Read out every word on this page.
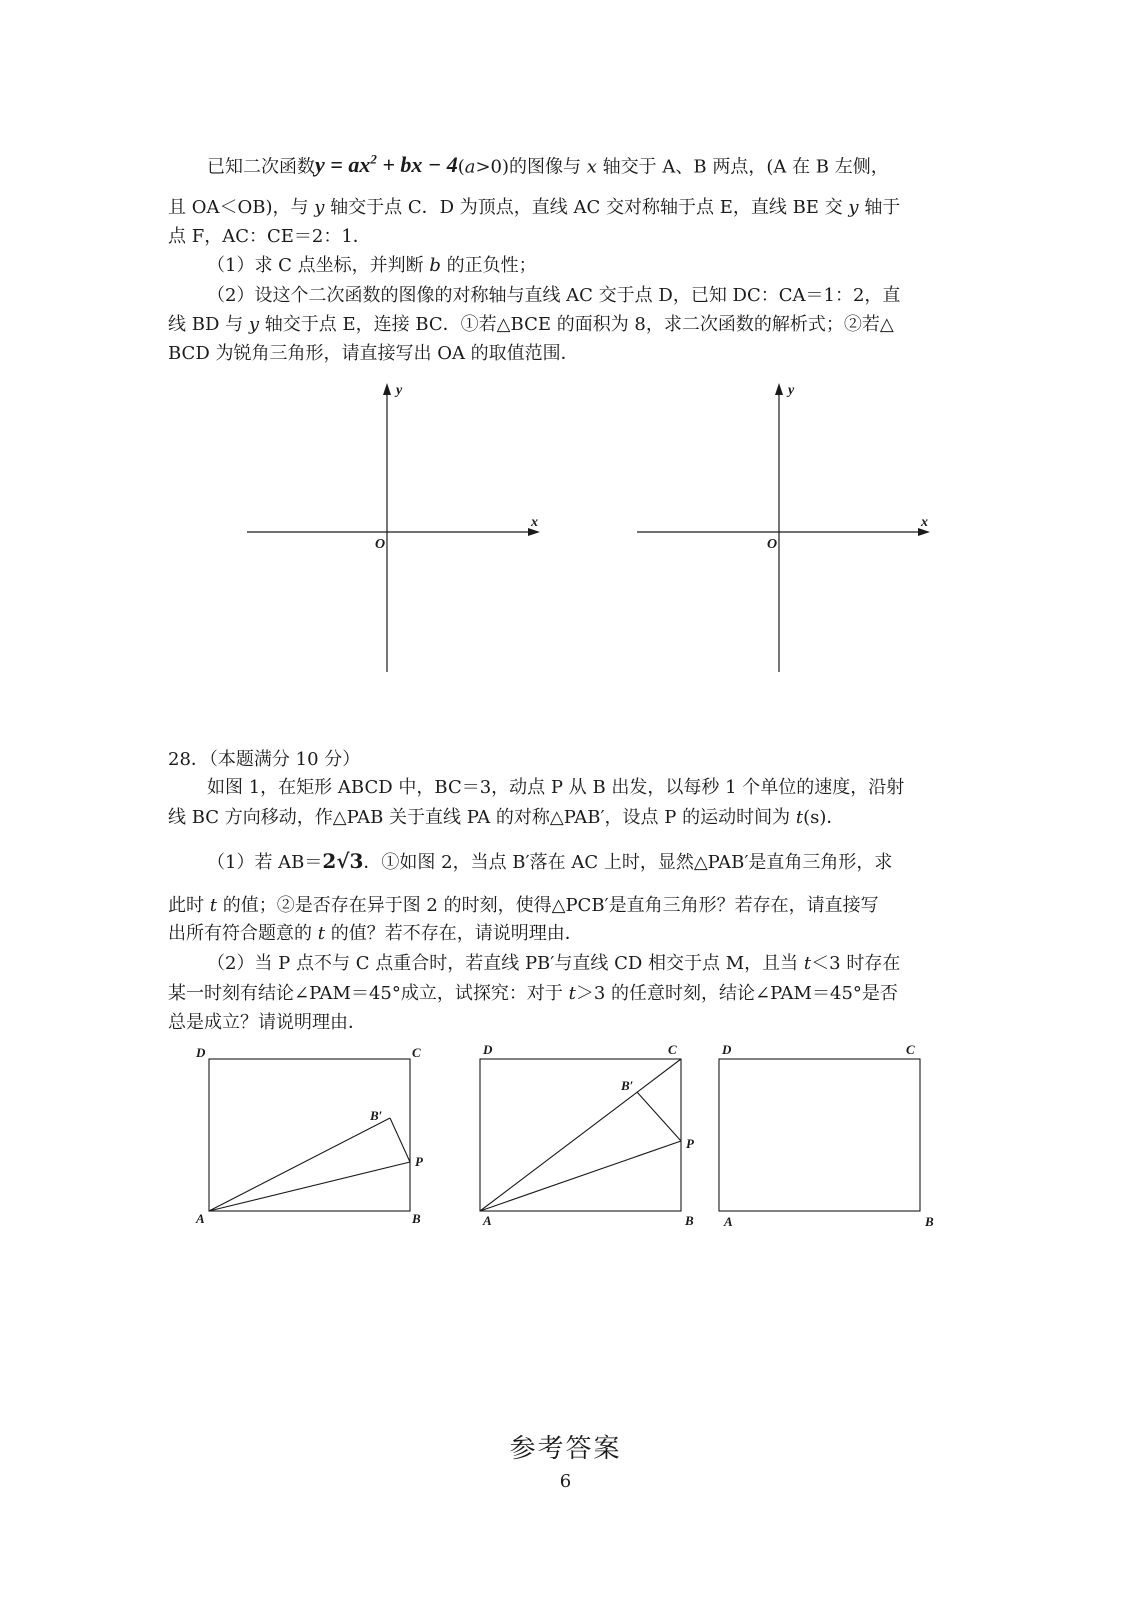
已知二次函数$y = ax^2$ + bx − 4(a>0)的图像与 x 轴交于 A、B 两点，(A 在 B 左侧，
且 OA＜OB)，与 y 轴交于点 C．D 为顶点，直线 AC 交对称轴于点 E，直线 BE 交 y 轴于
点 F，AC：CE＝2：1．
（1）求 C 点坐标，并判断 b 的正负性；
（2）设这个二次函数的图像的对称轴与直线 AC 交于点 D，已知 DC：CA＝1：2，直
线 BD 与 y 轴交于点 E，连接 BC．①若△BCE 的面积为 8，求二次函数的解析式；②若△
BCD 为锐角三角形，请直接写出 OA 的取值范围．
y
x
O
y
x
O
D	C
A	B
B′
P
D	C
A	B
B′
P
D	C
A	B
28．（本题满分 10 分）
如图 1，在矩形 ABCD 中，BC＝3，动点 P 从 B 出发，以每秒 1 个单位的速度，沿射
线 BC 方向移动，作△PAB 关于直线 PA 的对称△PAB′，设点 P 的运动时间为 t(s)．
（1）若 AB＝2√3．①如图 2，当点 B′落在 AC 上时，显然△PAB′是直角三角形，求
此时 t 的值；②是否存在异于图 2 的时刻，使得△PCB′是直角三角形？若存在，请直接写
出所有符合题意的 t 的值？若不存在，请说明理由．
（2）当 P 点不与 C 点重合时，若直线 PB′与直线 CD 相交于点 M，且当 t＜3 时存在
某一时刻有结论∠PAM＝45°成立，试探究：对于 t＞3 的任意时刻，结论∠PAM＝45°是否
总是成立？请说明理由．
参考答案
6
